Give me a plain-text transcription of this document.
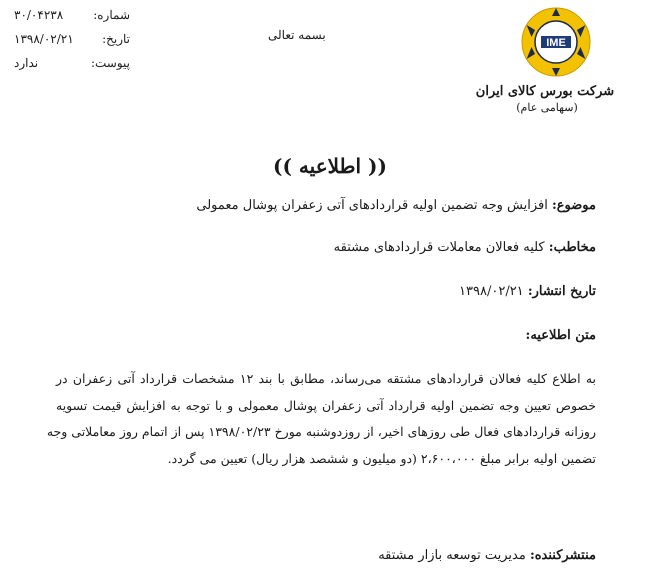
شماره:
۳۰/۰۴۲۳۸
تاریخ:
۱۳۹۸/۰۲/۲۱
پیوست:
ندارد
بسمه تعالی
IME
شرکت بورس کالای ایران
(سهامی عام)
(( اطلاعیه ))
موضوع: افزایش وجه تضمین اولیه قراردادهای آتی زعفران پوشال معمولی
مخاطب: کلیه فعالان معاملات قراردادهای مشتقه
تاریخ انتشار: ۱۳۹۸/۰۲/۲۱
متن اطلاعیه:
به اطلاع کلیه فعالان قراردادهای مشتقه می‌رساند، مطابق با بند ۱۲ مشخصات قرارداد آتی زعفران در
خصوص تعیین وجه تضمین اولیه قرارداد آتی زعفران پوشال معمولی و با توجه به افزایش قیمت تسویه
روزانه قراردادهای فعال طی روزهای اخیر، از روزدوشنبه مورخ ۱۳۹۸/۰۲/۲۳ پس از اتمام روز معاملاتی وجه
تضمین اولیه برابر مبلغ ۲،۶۰۰،۰۰۰ (دو میلیون و ششصد هزار ریال) تعیین می گردد.
منتشرکننده: مدیریت توسعه بازار مشتقه
